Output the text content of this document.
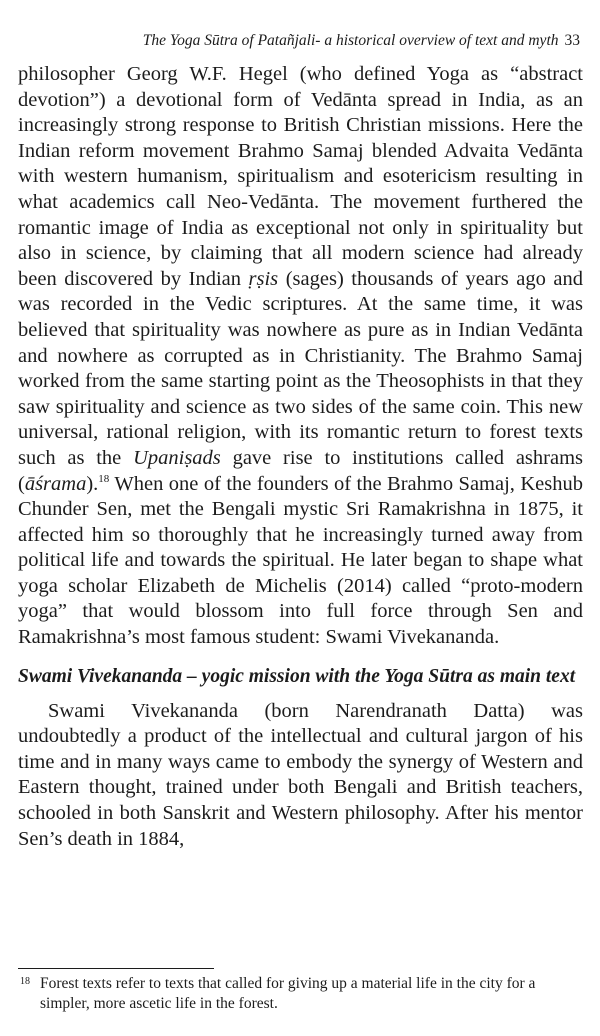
The Yoga Sūtra of Patañjali- a historical overview of text and myth 33

philosopher Georg W.F. Hegel (who defined Yoga as “abstract devotion”) a devotional form of Vedānta spread in India, as an increasingly strong response to British Christian missions. Here the Indian reform movement Brahmo Samaj blended Advaita Vedānta with western humanism, spiritualism and esotericism resulting in what academics call Neo-Vedānta. The movement furthered the romantic image of India as exceptional not only in spirituality but also in science, by claiming that all modern science had already been discovered by Indian ṛṣis (sages) thousands of years ago and was recorded in the Vedic scriptures. At the same time, it was believed that spirituality was nowhere as pure as in Indian Vedānta and nowhere as corrupted as in Christianity. The Brahmo Samaj worked from the same starting point as the Theosophists in that they saw spirituality and science as two sides of the same coin. This new universal, rational religion, with its romantic return to forest texts such as the Upaniṣads gave rise to institutions called ashrams (āśrama).$^{18}$ When one of the founders of the Brahmo Samaj, Keshub Chunder Sen, met the Bengali mystic Sri Ramakrishna in 1875, it affected him so thoroughly that he increasingly turned away from political life and towards the spiritual. He later began to shape what yoga scholar Elizabeth de Michelis (2014) called “proto-modern yoga” that would blossom into full force through Sen and Ramakrishna’s most famous student: Swami Vivekananda.

Swami Vivekananda – yogic mission with the Yoga Sūtra as main text

Swami Vivekananda (born Narendranath Datta) was undoubtedly a product of the intellectual and cultural jargon of his time and in many ways came to embody the synergy of Western and Eastern thought, trained under both Bengali and British teachers, schooled in both Sanskrit and Western philosophy. After his mentor Sen’s death in 1884,

18 Forest texts refer to texts that called for giving up a material life in the city for a simpler, more ascetic life in the forest.
